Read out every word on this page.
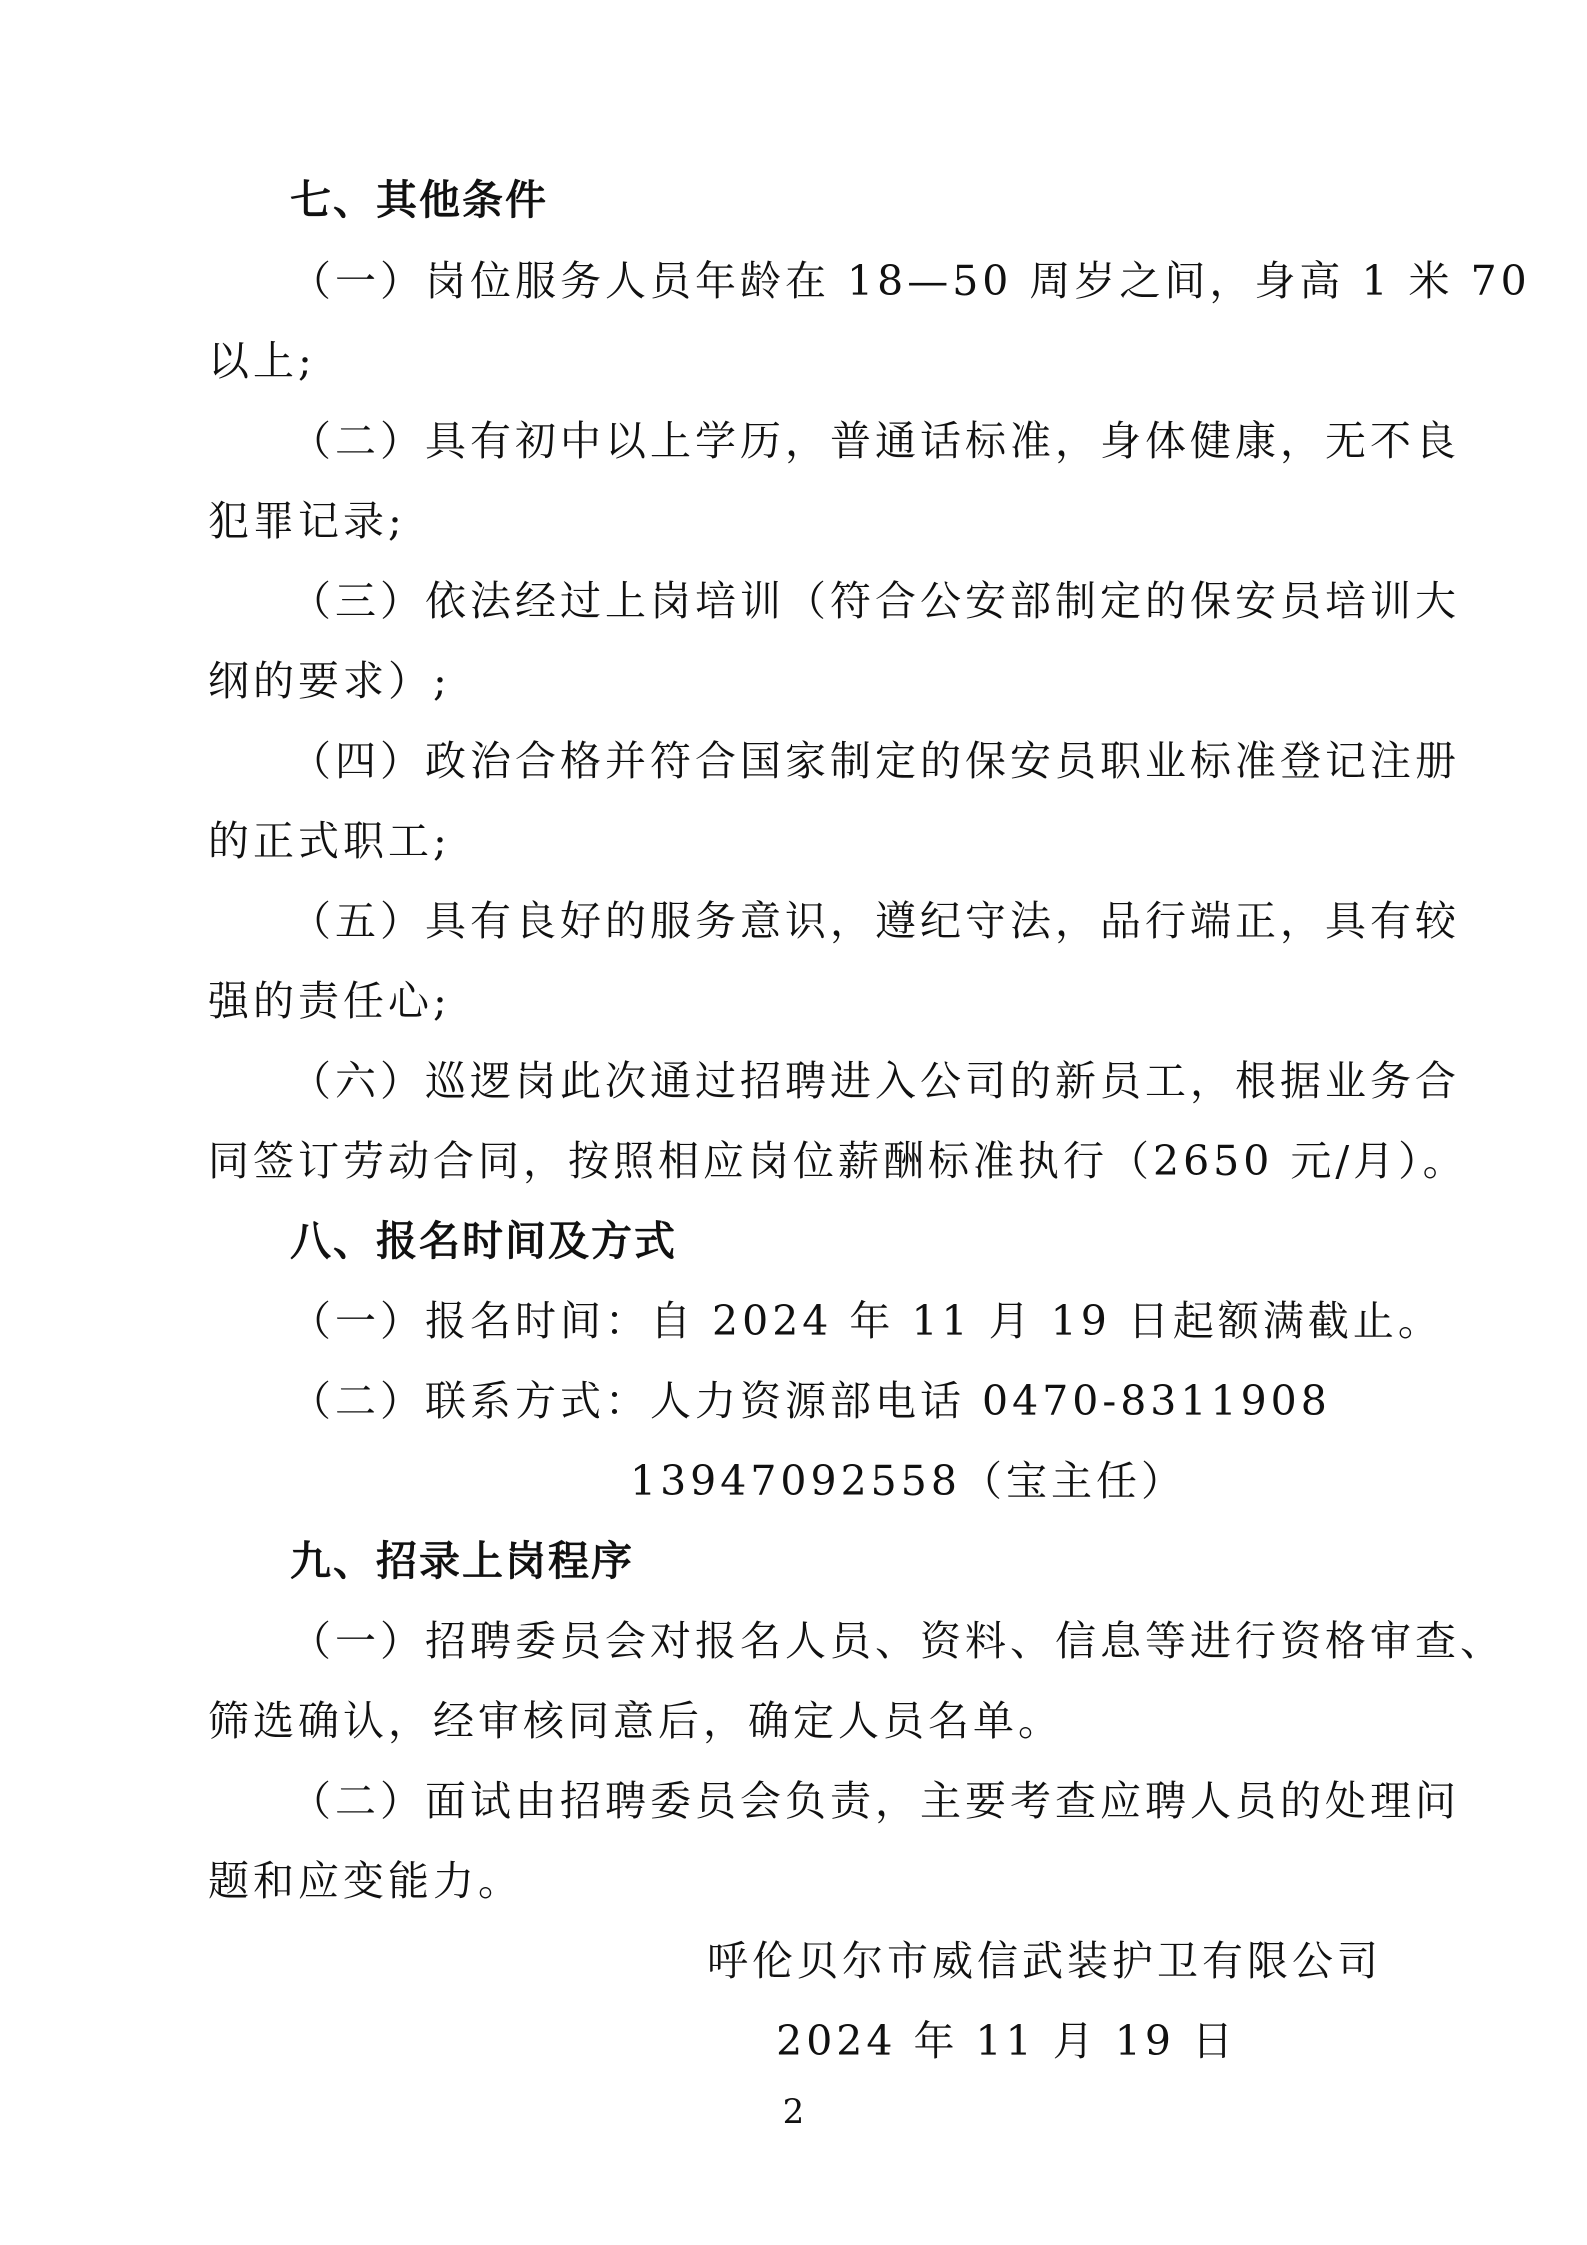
七、其他条件
（一）岗位服务人员年龄在 18—50 周岁之间，身高 1 米 70
以上;
（二）具有初中以上学历，普通话标准，身体健康，无不良
犯罪记录;
（三）依法经过上岗培训（符合公安部制定的保安员培训大
纲的要求）;
（四）政治合格并符合国家制定的保安员职业标准登记注册
的正式职工;
（五）具有良好的服务意识，遵纪守法，品行端正，具有较
强的责任心;
（六）巡逻岗此次通过招聘进入公司的新员工，根据业务合
同签订劳动合同，按照相应岗位薪酬标准执行（2650 元/月）。
八、报名时间及方式
（一）报名时间：自 2024 年 11 月 19 日起额满截止。
（二）联系方式：人力资源部电话 0470-8311908
13947092558（宝主任）
九、招录上岗程序
（一）招聘委员会对报名人员、资料、信息等进行资格审查、
筛选确认，经审核同意后，确定人员名单。
（二）面试由招聘委员会负责，主要考查应聘人员的处理问
题和应变能力。
呼伦贝尔市威信武装护卫有限公司
2024 年 11 月 19 日
2
